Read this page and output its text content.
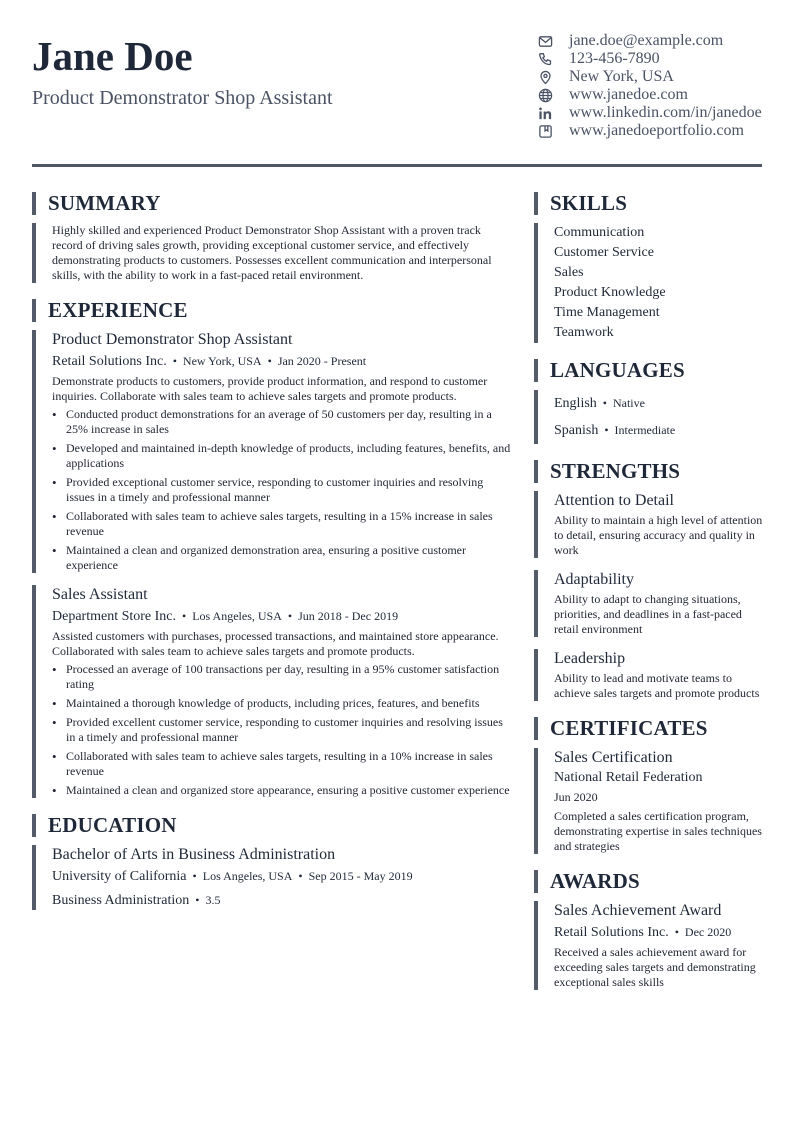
Jane Doe
Product Demonstrator Shop Assistant
jane.doe@example.com
123-456-7890
New York, USA
www.janedoe.com
www.linkedin.com/in/janedoe
www.janedoeportfolio.com
SUMMARY

Highly skilled and experienced Product Demonstrator Shop Assistant with a proven track record of driving sales growth, providing exceptional customer service, and effectively demonstrating products to customers. Possesses excellent communication and interpersonal skills, with the ability to work in a fast-paced retail environment.

EXPERIENCE
Product Demonstrator Shop Assistant
Retail Solutions Inc. • New York, USA • Jan 2020 - Present

Demonstrate products to customers, provide product information, and respond to customer inquiries. Collaborate with sales team to achieve sales targets and promote products.

• Conducted product demonstrations for an average of 50 customers per day, resulting in a 25% increase in sales
• Developed and maintained in-depth knowledge of products, including features, benefits, and applications
• Provided exceptional customer service, responding to customer inquiries and resolving issues in a timely and professional manner
• Collaborated with sales team to achieve sales targets, resulting in a 15% increase in sales revenue
• Maintained a clean and organized demonstration area, ensuring a positive customer experience
Sales Assistant
Department Store Inc. • Los Angeles, USA • Jun 2018 - Dec 2019

Assisted customers with purchases, processed transactions, and maintained store appearance. Collaborated with sales team to achieve sales targets and promote products.

• Processed an average of 100 transactions per day, resulting in a 95% customer satisfaction rating
• Maintained a thorough knowledge of products, including prices, features, and benefits
• Provided excellent customer service, responding to customer inquiries and resolving issues in a timely and professional manner
• Collaborated with sales team to achieve sales targets, resulting in a 10% increase in sales revenue
• Maintained a clean and organized store appearance, ensuring a positive customer experience
EDUCATION
Bachelor of Arts in Business Administration
University of California • Los Angeles, USA • Sep 2015 - May 2019
Business Administration • 3.5
SKILLS
Communication
Customer Service
Sales
Product Knowledge
Time Management
Teamwork
LANGUAGES
English • Native
Spanish • Intermediate
STRENGTHS
Attention to Detail

Ability to maintain a high level of attention to detail, ensuring accuracy and quality in work

Adaptability

Ability to adapt to changing situations, priorities, and deadlines in a fast-paced retail environment

Leadership

Ability to lead and motivate teams to achieve sales targets and promote products

CERTIFICATES
Sales Certification
National Retail Federation
Jun 2020

Completed a sales certification program, demonstrating expertise in sales techniques and strategies

AWARDS
Sales Achievement Award
Retail Solutions Inc. • Dec 2020

Received a sales achievement award for exceeding sales targets and demonstrating exceptional sales skills
